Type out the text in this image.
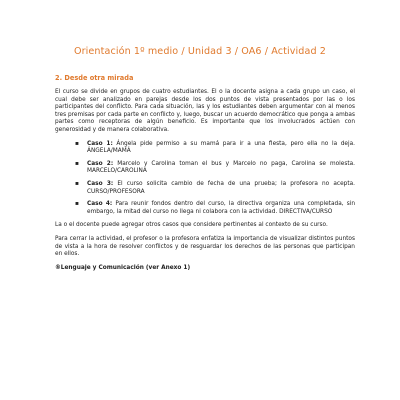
Orientación 1º medio / Unidad 3 / OA6 / Actividad 2
2. Desde otra mirada

El curso se divide en grupos de cuatro estudiantes. El o la docente asigna a cada grupo un caso, el cual debe ser analizado en parejas desde los dos puntos de vista presentados por las o los participantes del conflicto. Para cada situación, las y los estudiantes deben argumentar con al menos tres premisas por cada parte en conflicto y, luego, buscar un acuerdo democrático que ponga a ambas partes como receptoras de algún beneficio. Es importante que los involucrados actúen con generosidad y de manera colaborativa.

▪ Caso 1: Ángela pide permiso a su mamá para ir a una fiesta, pero ella no la deja. ÁNGELA/MAMÁ
▪ Caso 2: Marcelo y Carolina toman el bus y Marcelo no paga, Carolina se molesta. MARCELO/CAROLINA
▪ Caso 3: El curso solicita cambio de fecha de una prueba; la profesora no acepta. CURSO/PROFESORA
▪ Caso 4: Para reunir fondos dentro del curso, la directiva organiza una completada, sin embargo, la mitad del curso no llega ni colabora con la actividad. DIRECTIVA/CURSO

La o el docente puede agregar otros casos que considere pertinentes al contexto de su curso.

Para cerrar la actividad, el profesor o la profesora enfatiza la importancia de visualizar distintos puntos de vista a la hora de resolver conflictos y de resguardar los derechos de las personas que participan en ellos.

®Lenguaje y Comunicación (ver Anexo 1)
